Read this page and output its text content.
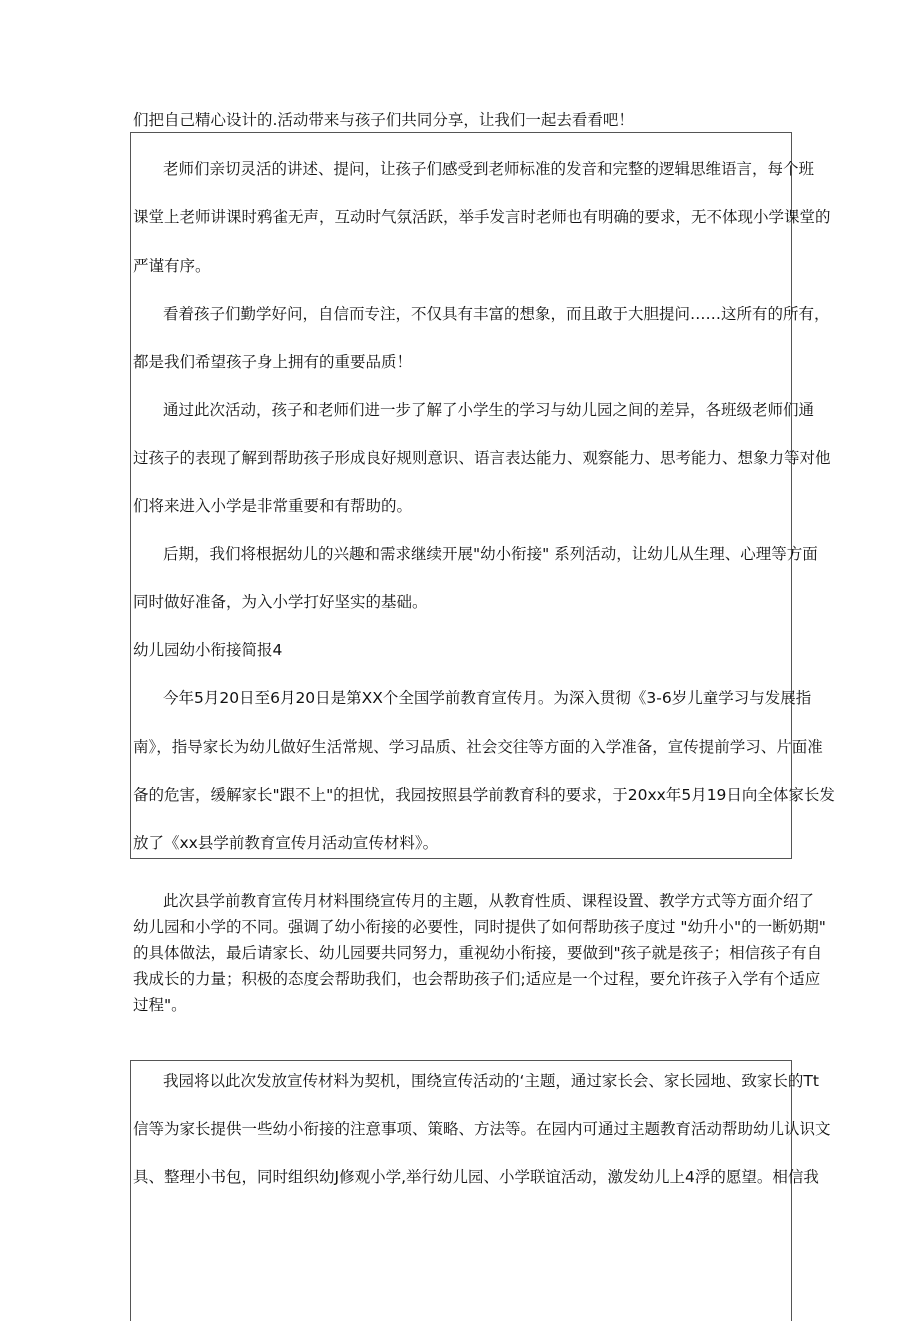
们把自己精心设计的.活动带来与孩子们共同分享，让我们一起去看看吧！
老师们亲切灵活的讲述、提问，让孩子们感受到老师标准的发音和完整的逻辑思维语言，每个班
课堂上老师讲课时鸦雀无声，互动时气氛活跃，举手发言时老师也有明确的要求，无不体现小学课堂的
严谨有序。
看着孩子们勤学好问，自信而专注，不仅具有丰富的想象，而且敢于大胆提问……这所有的所有，
都是我们希望孩子身上拥有的重要品质！
通过此次活动，孩子和老师们进一步了解了小学生的学习与幼儿园之间的差异，各班级老师们通
过孩子的表现了解到帮助孩子形成良好规则意识、语言表达能力、观察能力、思考能力、想象力等对他
们将来进入小学是非常重要和有帮助的。
后期，我们将根据幼儿的兴趣和需求继续开展"幼小衔接" 系列活动，让幼儿从生理、心理等方面
同时做好准备，为入小学打好坚实的基础。
幼儿园幼小衔接简报4
今年5月20日至6月20日是第XX个全国学前教育宣传月。为深入贯彻《3-6岁儿童学习与发展指
南》，指导家长为幼儿做好生活常规、学习品质、社会交往等方面的入学准备，宣传提前学习、片面准
备的危害，缓解家长"跟不上"的担忧，我园按照县学前教育科的要求，于20xx年5月19日向全体家长发
放了《xx县学前教育宣传月活动宣传材料》。
此次县学前教育宣传月材料围绕宣传月的主题，从教育性质、课程设置、教学方式等方面介绍了
幼儿园和小学的不同。强调了幼小衔接的必要性，同时提供了如何帮助孩子度过 "幼升小"的一断奶期"
的具体做法，最后请家长、幼儿园要共同努力，重视幼小衔接，要做到"孩子就是孩子；相信孩子有自
我成长的力量；积极的态度会帮助我们，也会帮助孩子们;适应是一个过程，要允许孩子入学有个适应
过程"。
我园将以此次发放宣传材料为契机，围绕宣传活动的‘主题，通过家长会、家长园地、致家长的Tt
信等为家长提供一些幼小衔接的注意事项、策略、方法等。在园内可通过主题教育活动帮助幼儿认识文
具、整理小书包，同时组织幼J修观小学,举行幼儿园、小学联谊活动，激发幼儿上4浮的愿望。相信我
